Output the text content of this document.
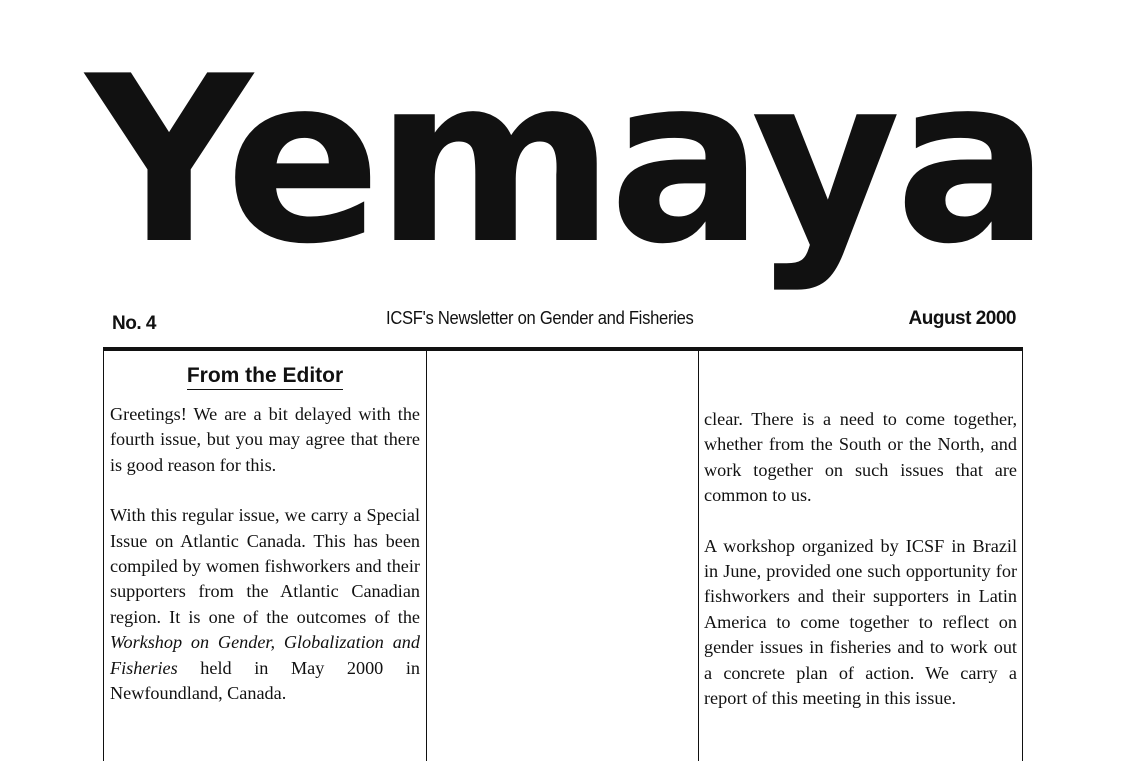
Yemaya
No. 4	ICSF's Newsletter on Gender and Fisheries	August 2000
From the Editor

Greetings! We are a bit delayed with the fourth issue, but you may agree that there is good reason for this.

With this regular issue, we carry a Special Issue on Atlantic Canada. This has been compiled by women fishworkers and their supporters from the Atlantic Canadian region. It is one of the outcomes of the Workshop on Gender, Globalization and Fisheries held in May 2000 in Newfoundland, Canada.

clear. There is a need to come together, whether from the South or the North, and work together on such issues that are common to us.

A workshop organized by ICSF in Brazil in June, provided one such opportunity for fishworkers and their supporters in Latin America to come together to reflect on gender issues in fisheries and to work out a concrete plan of action. We carry a report of this meeting in this issue.
